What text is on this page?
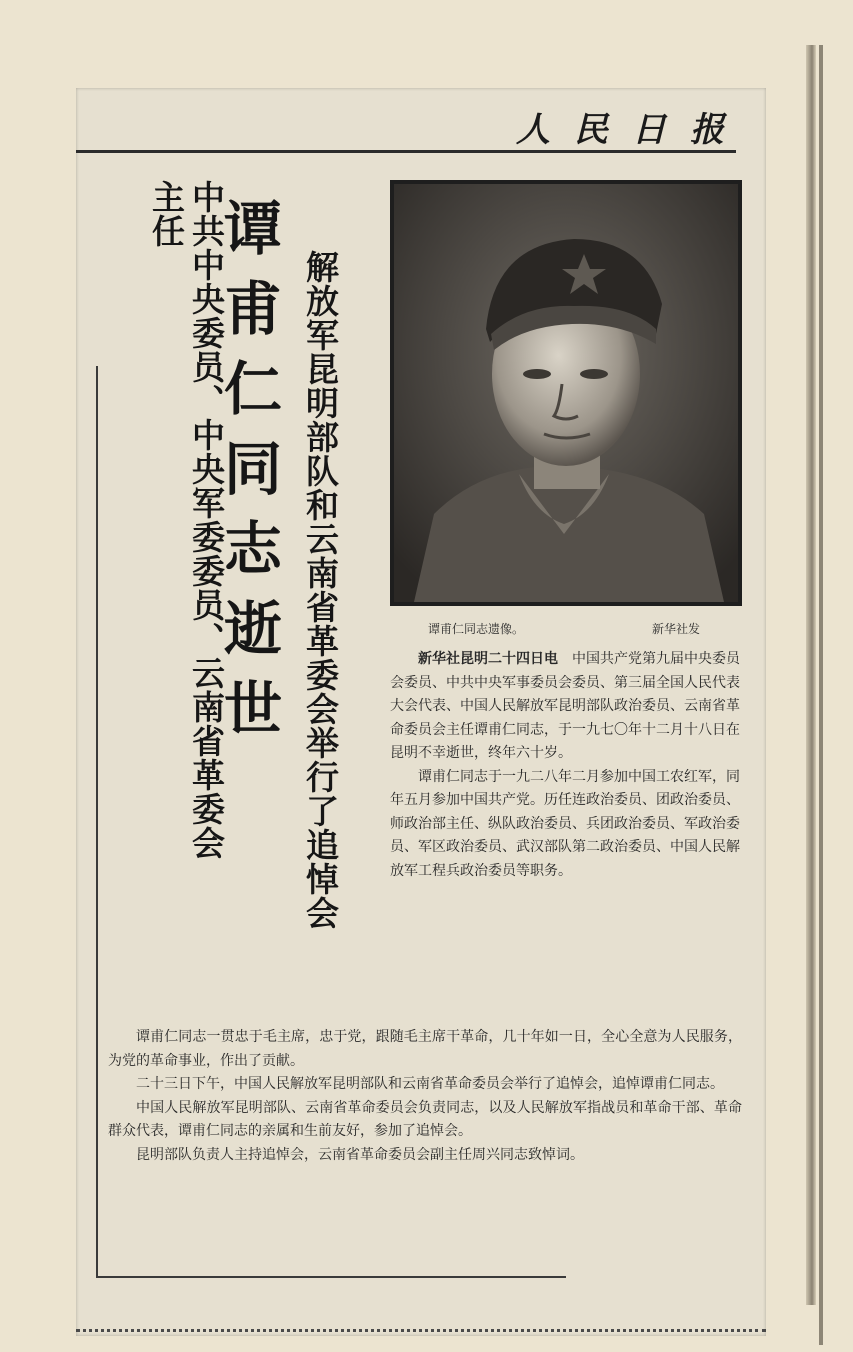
人民日报
中共中央委员、中央军委委员、云南省革委会主任 谭甫仁同志逝世 解放军昆明部队和云南省革委会举行了追悼会	谭甫仁同志遗像。	新华社发

新华社昆明二十四日电　 中国共产党第九届中央委员会委员、中共中央军事委员会委员、第三届全国人民代表大会代表、中国人民解放军昆明部队政治委员、云南省革命委员会主任谭甫仁同志，于一九七〇年十二月十八日在昆明不幸逝世，终年六十岁。

谭甫仁同志于一九二八年二月参加中国工农红军，同年五月参加中国共产党。历任连政治委员、团政治委员、师政治部主任、纵队政治委员、兵团政治委员、军政治委员、军区政治委员、武汉部队第二政治委员、中国人民解放军工程兵政治委员等职务。

谭甫仁同志一贯忠于毛主席，忠于党，跟随毛主席干革命，几十年如一日，全心全意为人民服务，为党的革命事业，作出了贡献。

二十三日下午，中国人民解放军昆明部队和云南省革命委员会举行了追悼会，追悼谭甫仁同志。

中国人民解放军昆明部队、云南省革命委员会负责同志，以及人民解放军指战员和革命干部、革命群众代表，谭甫仁同志的亲属和生前友好，参加了追悼会。

昆明部队负责人主持追悼会，云南省革命委员会副主任周兴同志致悼词。
